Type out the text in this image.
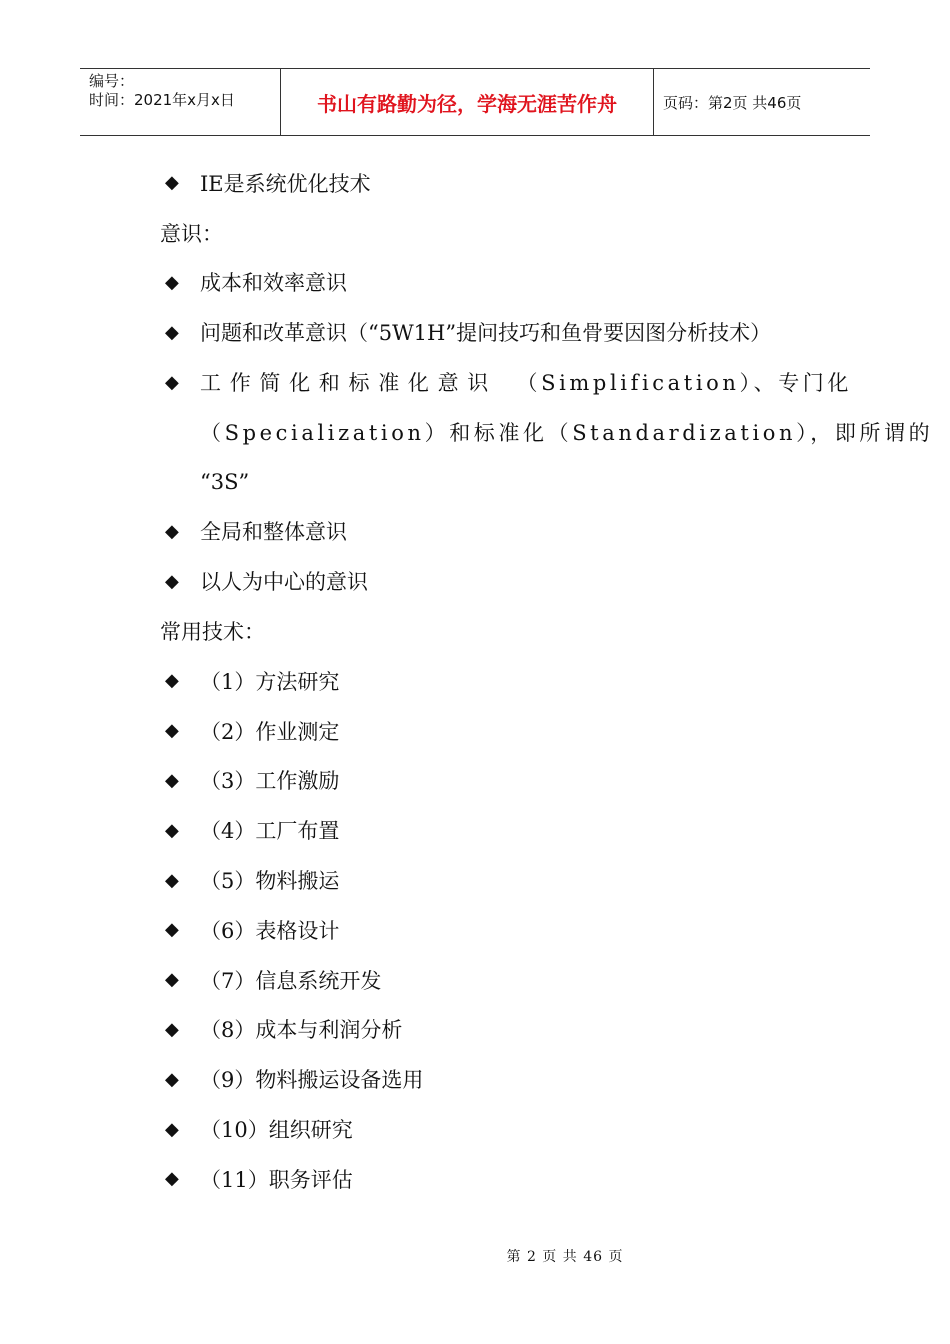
编号：
时间：2021年x月x日	书山有路勤为径，学海无涯苦作舟	页码：第2页 共46页
◆	IE是系统优化技术
意识：
◆	成本和效率意识
◆	问题和改革意识（“5W1H”提问技巧和鱼骨要因图分析技术）
◆	工作简化和标准化意识 （Simplification）、专门化
（Specialization）和标准化（Standardization），即所谓的
“3S”
◆	全局和整体意识
◆	以人为中心的意识
常用技术：
◆	（1）方法研究
◆	（2）作业测定
◆	（3）工作激励
◆	（4）工厂布置
◆	（5）物料搬运
◆	（6）表格设计
◆	（7）信息系统开发
◆	（8）成本与利润分析
◆	（9）物料搬运设备选用
◆	（10）组织研究
◆	（11）职务评估
第 2 页 共 46 页
